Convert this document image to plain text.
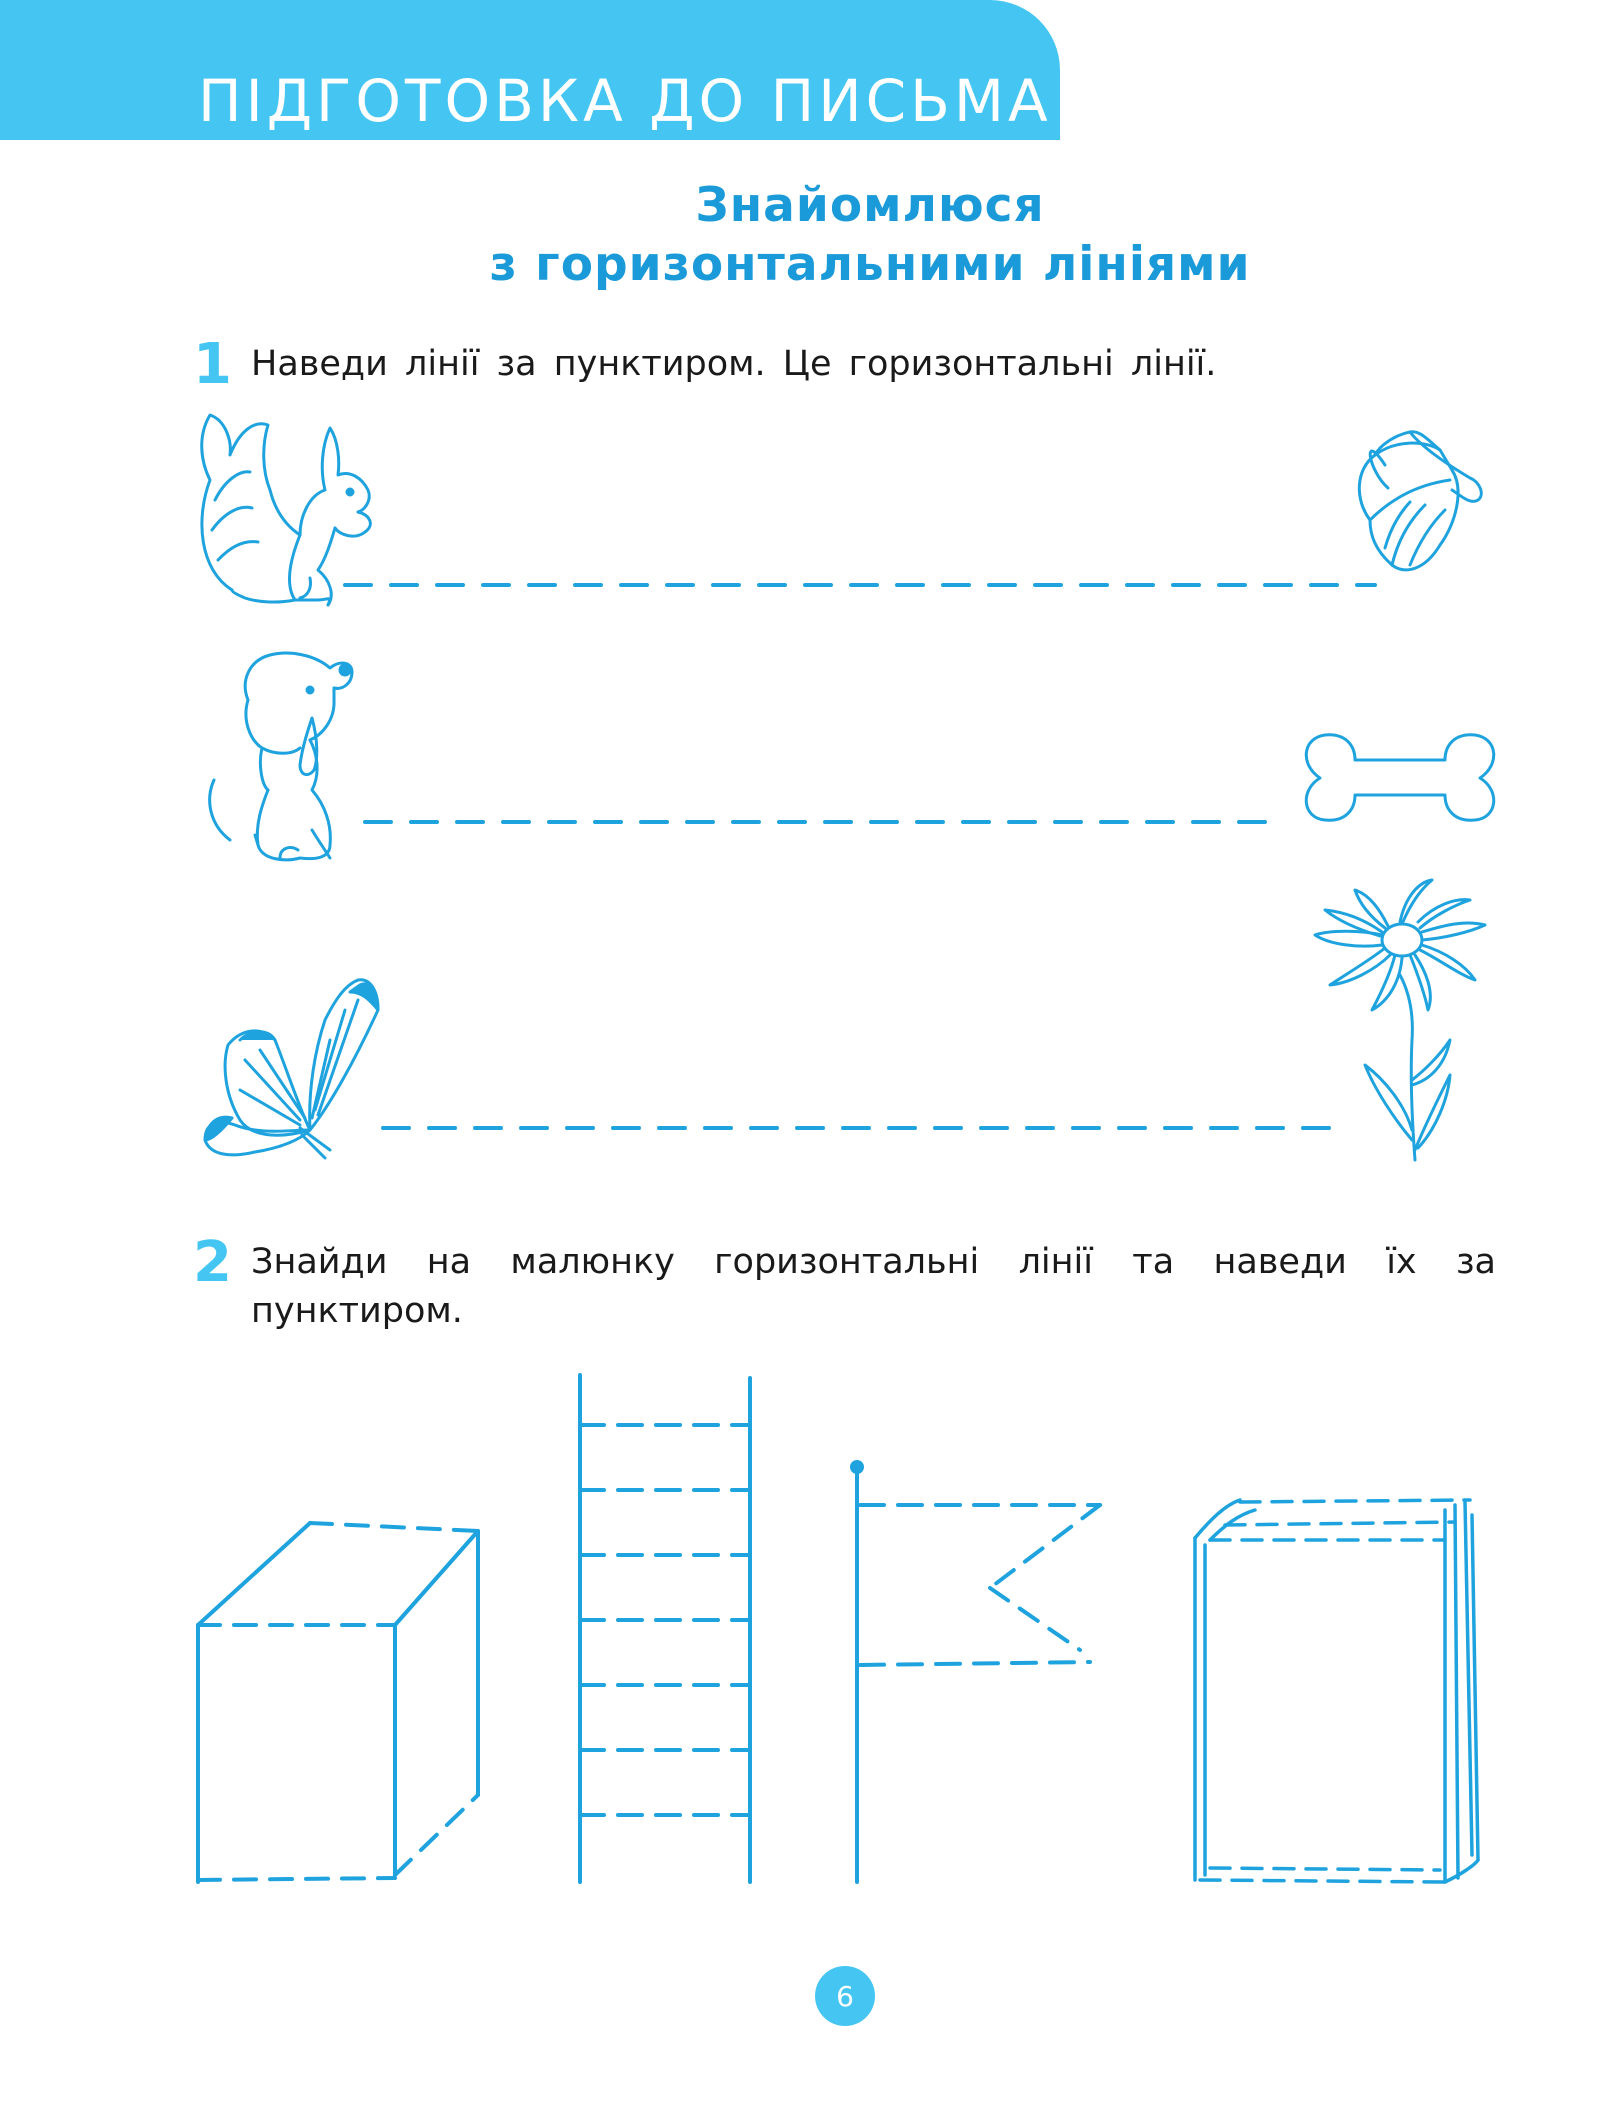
ПІДГОТОВКА ДО ПИСЬМА
Знайомлюся
з горизонтальними лініями
1 Наведи лінії за пунктиром. Це горизонтальні лінії.

2 Знайди на малюнку горизонтальні лінії та наведи їх за пунктиром.

6
